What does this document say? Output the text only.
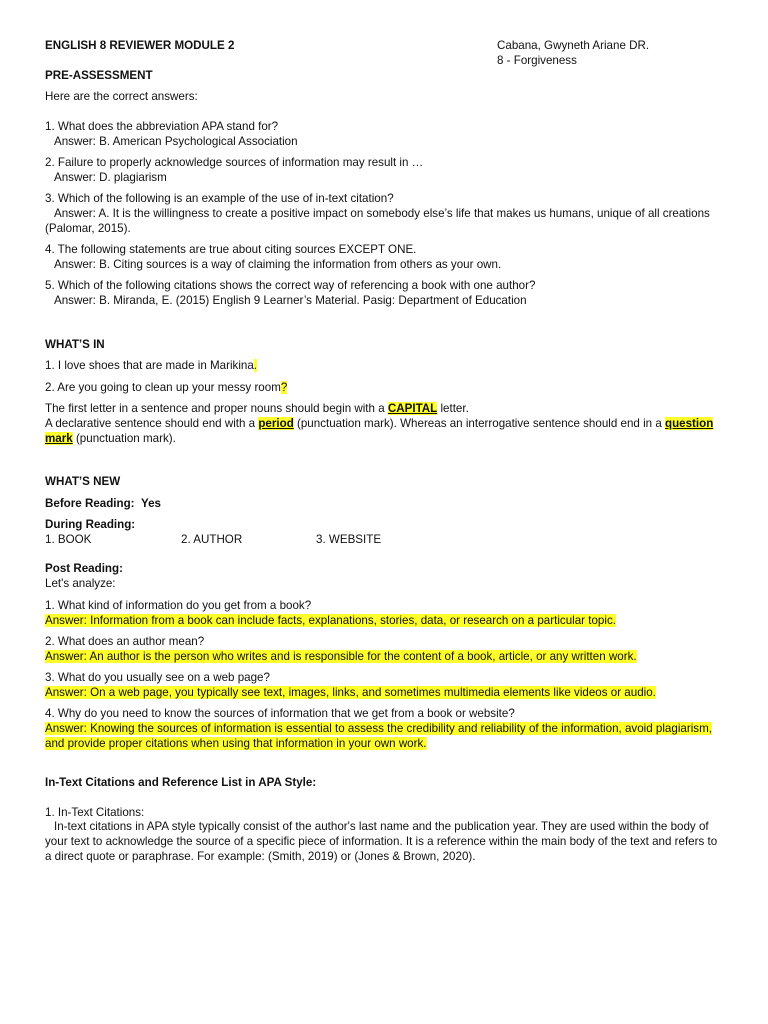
ENGLISH 8 REVIEWER MODULE 2	Cabana, Gwyneth Ariane DR.
8 - Forgiveness
PRE-ASSESSMENT
Here are the correct answers:

1. What does the abbreviation APA stand for?

Answer: B. American Psychological Association

2. Failure to properly acknowledge sources of information may result in …

Answer: D. plagiarism

3. Which of the following is an example of the use of in-text citation?

Answer: A. It is the willingness to create a positive impact on somebody else’s life that makes us humans, unique of all creations (Palomar, 2015).

4. The following statements are true about citing sources EXCEPT ONE.

Answer: B. Citing sources is a way of claiming the information from others as your own.

5. Which of the following citations shows the correct way of referencing a book with one author?

Answer: B. Miranda, E. (2015) English 9 Learner’s Material. Pasig: Department of Education

WHAT’S IN
1. I love shoes that are made in Marikina.
2. Are you going to clean up your messy room?

The first letter in a sentence and proper nouns should begin with a CAPITAL letter.

A declarative sentence should end with a period (punctuation mark). Whereas an interrogative sentence should end in a question mark (punctuation mark).

WHAT’S NEW
Before Reading: Yes
During Reading:
1. BOOK	2. AUTHOR	3. WEBSITE
Post Reading:
Let's analyze:

1. What kind of information do you get from a book?

Answer: Information from a book can include facts, explanations, stories, data, or research on a particular topic.

2. What does an author mean?

Answer: An author is the person who writes and is responsible for the content of a book, article, or any written work.

3. What do you usually see on a web page?

Answer: On a web page, you typically see text, images, links, and sometimes multimedia elements like videos or audio.

4. Why do you need to know the sources of information that we get from a book or website?

Answer: Knowing the sources of information is essential to assess the credibility and reliability of the information, avoid plagiarism, and provide proper citations when using that information in your own work.

In-Text Citations and Reference List in APA Style:
1. In-Text Citations:

In-text citations in APA style typically consist of the author's last name and the publication year. They are used within the body of your text to acknowledge the source of a specific piece of information. It is a reference within the main body of the text and refers to a direct quote or paraphrase. For example: (Smith, 2019) or (Jones & Brown, 2020).
